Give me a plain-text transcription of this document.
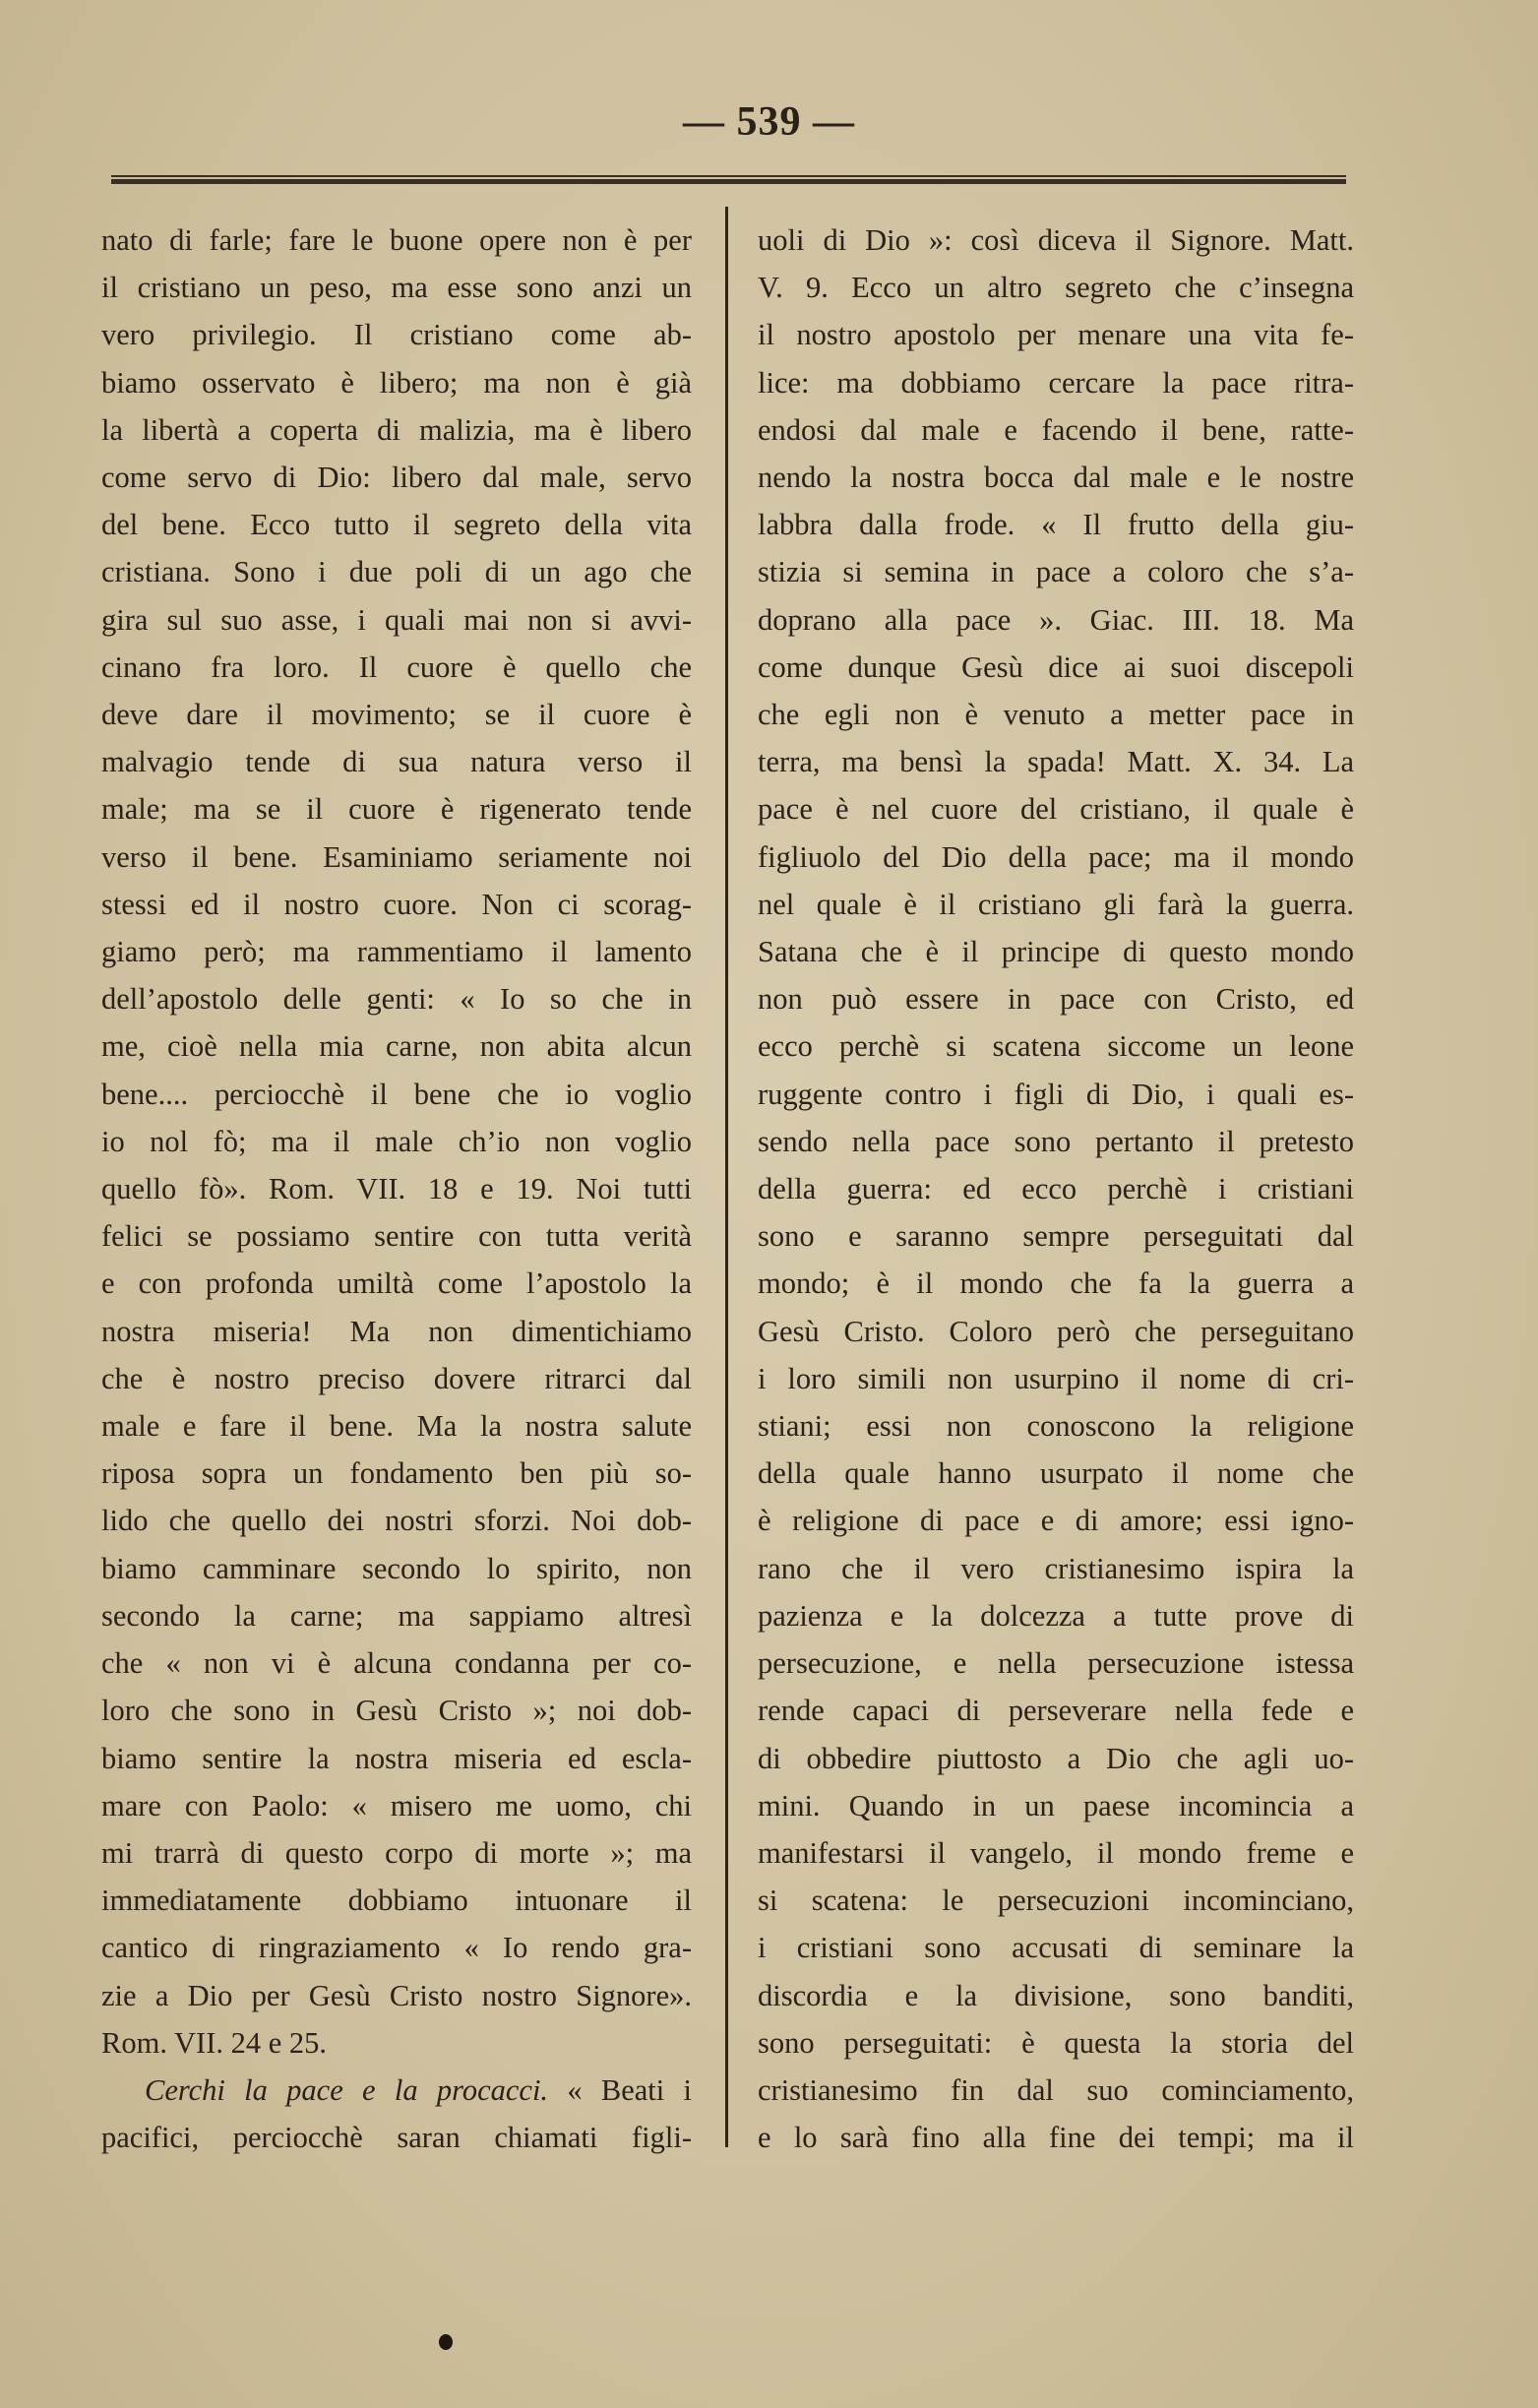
— 539 —
nato di farle; fare le buone opere non è per
il cristiano un peso, ma esse sono anzi un
vero privilegio. Il cristiano come ab-
biamo osservato è libero; ma non è già
la libertà a coperta di malizia, ma è libero
come servo di Dio: libero dal male, servo
del bene. Ecco tutto il segreto della vita
cristiana. Sono i due poli di un ago che
gira sul suo asse, i quali mai non si avvi-
cinano fra loro. Il cuore è quello che
deve dare il movimento; se il cuore è
malvagio tende di sua natura verso il
male; ma se il cuore è rigenerato tende
verso il bene. Esaminiamo seriamente noi
stessi ed il nostro cuore. Non ci scorag-
giamo però; ma rammentiamo il lamento
dell’apostolo delle genti: « Io so che in
me, cioè nella mia carne, non abita alcun
bene.... perciocchè il bene che io voglio
io nol fò; ma il male ch’io non voglio
quello fò». Rom. VII. 18 e 19. Noi tutti
felici se possiamo sentire con tutta verità
e con profonda umiltà come l’apostolo la
nostra miseria! Ma non dimentichiamo
che è nostro preciso dovere ritrarci dal
male e fare il bene. Ma la nostra salute
riposa sopra un fondamento ben più so-
lido che quello dei nostri sforzi. Noi dob-
biamo camminare secondo lo spirito, non
secondo la carne; ma sappiamo altresì
che « non vi è alcuna condanna per co-
loro che sono in Gesù Cristo »; noi dob-
biamo sentire la nostra miseria ed escla-
mare con Paolo: « misero me uomo, chi
mi trarrà di questo corpo di morte »; ma
immediatamente dobbiamo intuonare il
cantico di ringraziamento « Io rendo gra-
zie a Dio per Gesù Cristo nostro Signore».
Rom. VII. 24 e 25.
Cerchi la pace e la procacci. « Beati i
pacifici, perciocchè saran chiamati figli-
uoli di Dio »: così diceva il Signore. Matt.
V. 9. Ecco un altro segreto che c’insegna
il nostro apostolo per menare una vita fe-
lice: ma dobbiamo cercare la pace ritra-
endosi dal male e facendo il bene, ratte-
nendo la nostra bocca dal male e le nostre
labbra dalla frode. « Il frutto della giu-
stizia si semina in pace a coloro che s’a-
doprano alla pace ». Giac. III. 18. Ma
come dunque Gesù dice ai suoi discepoli
che egli non è venuto a metter pace in
terra, ma bensì la spada! Matt. X. 34. La
pace è nel cuore del cristiano, il quale è
figliuolo del Dio della pace; ma il mondo
nel quale è il cristiano gli farà la guerra.
Satana che è il principe di questo mondo
non può essere in pace con Cristo, ed
ecco perchè si scatena siccome un leone
ruggente contro i figli di Dio, i quali es-
sendo nella pace sono pertanto il pretesto
della guerra: ed ecco perchè i cristiani
sono e saranno sempre perseguitati dal
mondo; è il mondo che fa la guerra a
Gesù Cristo. Coloro però che perseguitano
i loro simili non usurpino il nome di cri-
stiani; essi non conoscono la religione
della quale hanno usurpato il nome che
è religione di pace e di amore; essi igno-
rano che il vero cristianesimo ispira la
pazienza e la dolcezza a tutte prove di
persecuzione, e nella persecuzione istessa
rende capaci di perseverare nella fede e
di obbedire piuttosto a Dio che agli uo-
mini. Quando in un paese incomincia a
manifestarsi il vangelo, il mondo freme e
si scatena: le persecuzioni incominciano,
i cristiani sono accusati di seminare la
discordia e la divisione, sono banditi,
sono perseguitati: è questa la storia del
cristianesimo fin dal suo cominciamento,
e lo sarà fino alla fine dei tempi; ma il
